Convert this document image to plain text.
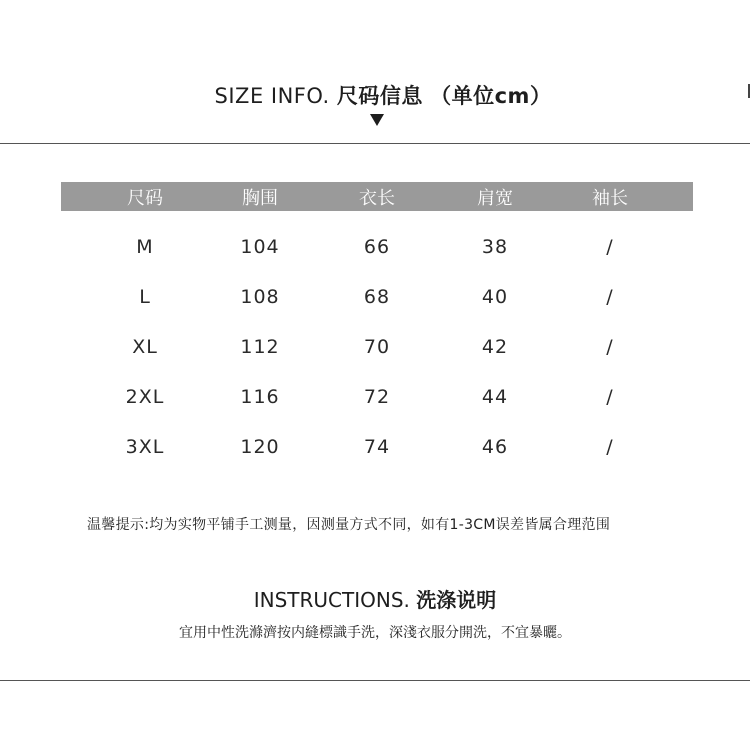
SIZE INFO. 尺码信息 （单位cm）
尺码	胸围	衣长	肩宽	袖长
M	104	66	38	/
L	108	68	40	/
XL	112	70	42	/
2XL	116	72	44	/
3XL	120	74	46	/
温馨提示:均为实物平铺手工测量，因测量方式不同，如有1-3CM误差皆属合理范围
INSTRUCTIONS. 洗涤说明
宜用中性洗滌濟按内縫標識手洗，深淺衣服分開洗，不宜暴曬。
